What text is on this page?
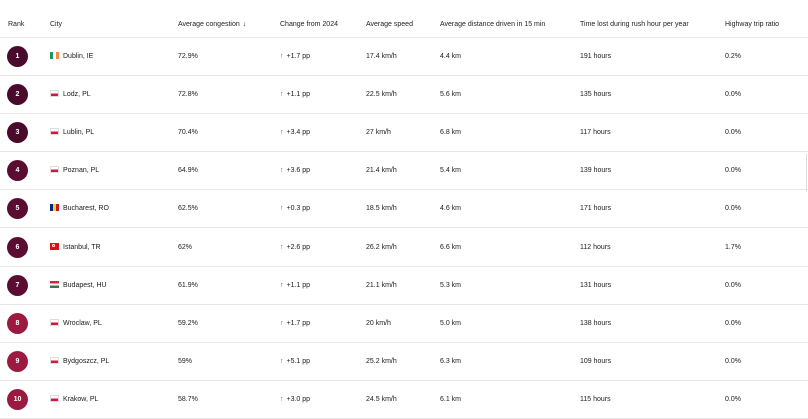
Rank	City	Average congestion ↓	Change from 2024	Average speed	Average distance driven in 15 min	Time lost during rush hour per year	Highway trip ratio
1	Dublin, IE	72.9%	↑ +1.7 pp	17.4 km/h	4.4 km	191 hours	0.2%
2	Lodz, PL	72.8%	↑ +1.1 pp	22.5 km/h	5.6 km	135 hours	0.0%
3	Lublin, PL	70.4%	↑ +3.4 pp	27 km/h	6.8 km	117 hours	0.0%
4	Poznan, PL	64.9%	↑ +3.6 pp	21.4 km/h	5.4 km	139 hours	0.0%
5	Bucharest, RO	62.5%	↑ +0.3 pp	18.5 km/h	4.6 km	171 hours	0.0%
6	Istanbul, TR	62%	↑ +2.6 pp	26.2 km/h	6.6 km	112 hours	1.7%
7	Budapest, HU	61.9%	↑ +1.1 pp	21.1 km/h	5.3 km	131 hours	0.0%
8	Wroclaw, PL	59.2%	↑ +1.7 pp	20 km/h	5.0 km	138 hours	0.0%
9	Bydgoszcz, PL	59%	↑ +5.1 pp	25.2 km/h	6.3 km	109 hours	0.0%
10	Krakow, PL	58.7%	↑ +3.0 pp	24.5 km/h	6.1 km	115 hours	0.0%
